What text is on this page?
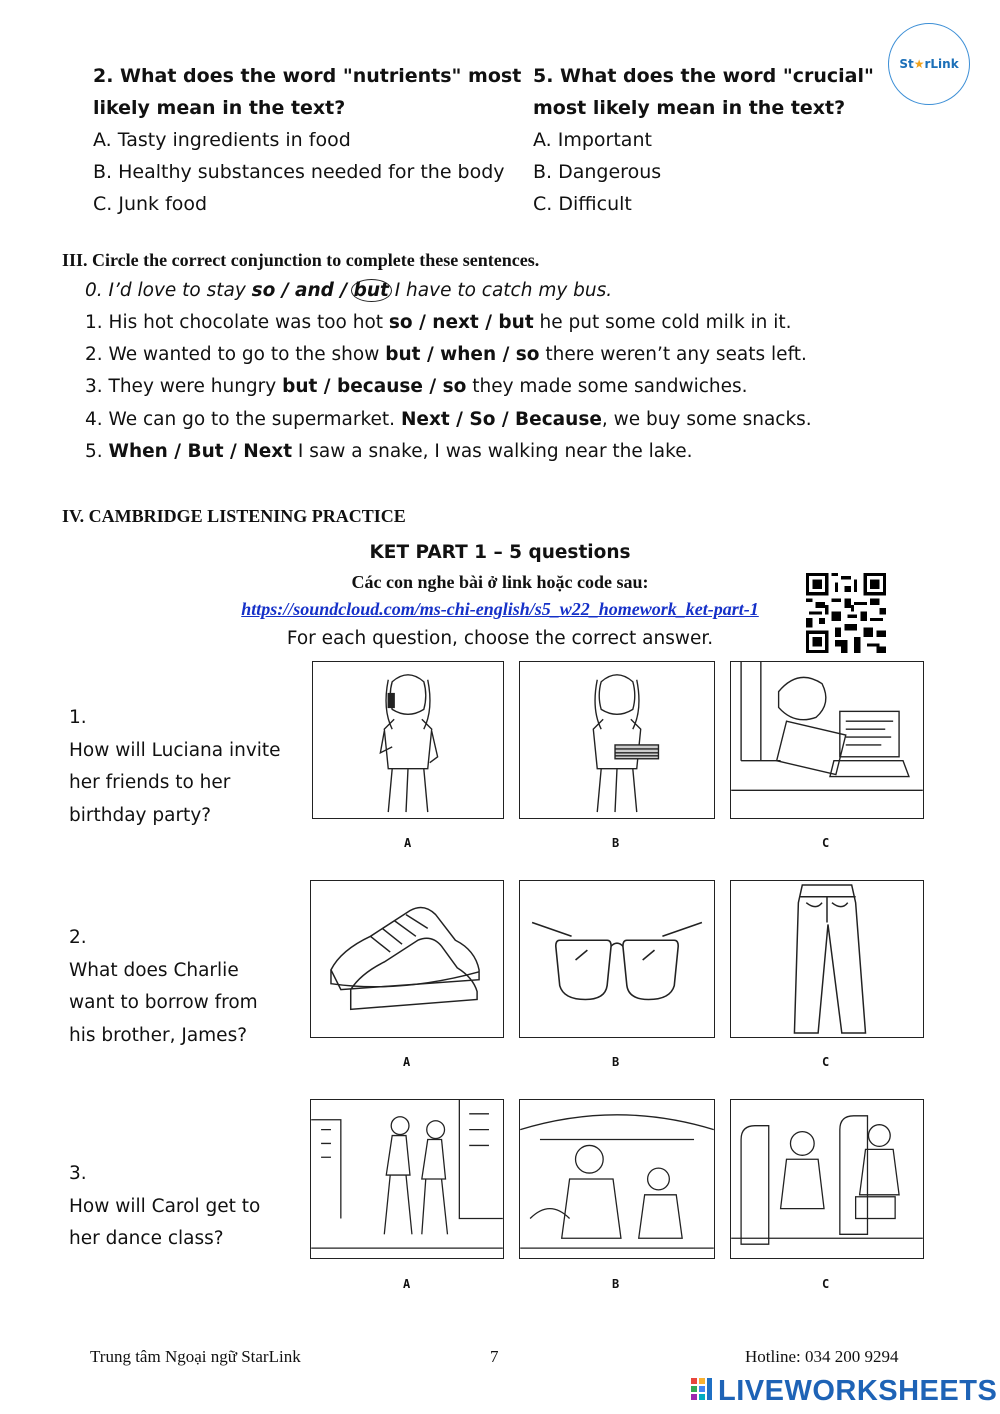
St★rLink
2. What does the word "nutrients" most
likely mean in the text?
A. Tasty ingredients in food
B. Healthy substances needed for the body
C. Junk food
5. What does the word "crucial"
most likely mean in the text?
A. Important
B. Dangerous
C. Difficult
III. Circle the correct conjunction to complete these sentences.
0. I’d love to stay so / and / but I have to catch my bus.
1. His hot chocolate was too hot so / next / but he put some cold milk in it.
2. We wanted to go to the show but / when / so there weren’t any seats left.
3. They were hungry but / because / so they made some sandwiches.
4. We can go to the supermarket. Next / So / Because, we buy some snacks.
5. When / But / Next I saw a snake, I was walking near the lake.
IV. CAMBRIDGE LISTENING PRACTICE
KET PART 1 – 5 questions
Các con nghe bài ở link hoặc code sau:
https://soundcloud.com/ms-chi-english/s5_w22_homework_ket-part-1
For each question, choose the correct answer.
1.
How will Luciana invite
her friends to her
birthday party?
A	B	C
2.
What does Charlie
want to borrow from
his brother, James?
A	B	C
3.
How will Carol get to
her dance class?
A	B	C
Trung tâm Ngoại ngữ StarLink	7	Hotline: 034 200 9294
LIVEWORKSHEETS
